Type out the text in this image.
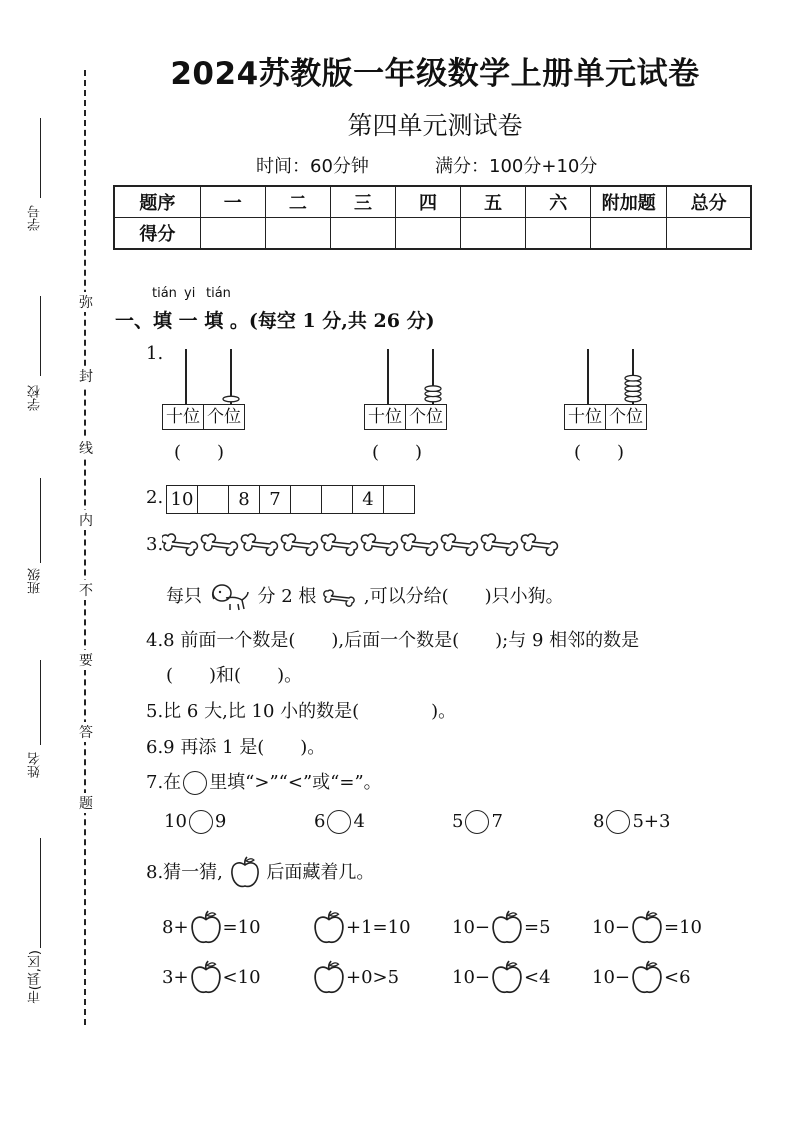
学号
学校
班级
姓名
市(县,区)
弥
封
线
内
不
要
答
题
2024苏教版一年级数学上册单元试卷
第四单元测试卷
时间：60分钟	满分：100分+10分
题序	一	二	三	四	五	六	附加题	总分
得分								
tián yi tián
一、填 一 填 。(每空 1 分,共 26 分)
1.
十位 个位	十位 个位	十位 个位
(　　)	(　　)	(　　)
2. 10	8	7	4
3.
每只	分 2 根	,可以分给(　　)只小狗。
4.8 前面一个数是(　　),后面一个数是(　　);与 9 相邻的数是
(　　)和(　　)。
5.比 6 大,比 10 小的数是(　　　　)。
6.9 再添 1 是(　　)。
7.在 里填“>”“<”或“=”。
10 9	6 4	5 7	8 5+3
8.猜一猜, 后面藏着几。
8+ =10	+1=10 10− =5 10− =10
3+ <10	+0>5	10− <4 10− <6
